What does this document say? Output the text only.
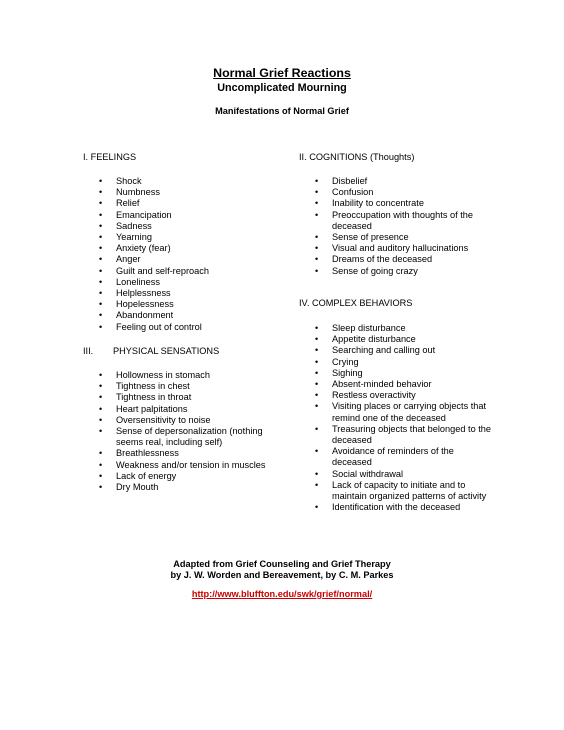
Normal Grief Reactions
Uncomplicated Mourning
Manifestations of Normal Grief
I. FEELINGS
• Shock
• Numbness
• Relief
• Emancipation
• Sadness
• Yearning
• Anxiety (fear)
• Anger
• Guilt and self-reproach
• Loneliness
• Helplessness
• Hopelessness
• Abandonment
• Feeling out of control
III. PHYSICAL SENSATIONS
• Hollowness in stomach
• Tightness in chest
• Tightness in throat
• Heart palpitations
• Oversensitivity to noise
• Sense of depersonalization (nothing seems real, including self)
• Breathlessness
• Weakness and/or tension in muscles
• Lack of energy
• Dry Mouth
II. COGNITIONS (Thoughts)
• Disbelief
• Confusion
• Inability to concentrate
• Preoccupation with thoughts of the deceased
• Sense of presence
• Visual and auditory hallucinations
• Dreams of the deceased
• Sense of going crazy
IV. COMPLEX BEHAVIORS
• Sleep disturbance
• Appetite disturbance
• Searching and calling out
• Crying
• Sighing
• Absent-minded behavior
• Restless overactivity
• Visiting places or carrying objects that remind one of the deceased
• Treasuring objects that belonged to the deceased
• Avoidance of reminders of the deceased
• Social withdrawal
• Lack of capacity to initiate and to maintain organized patterns of activity
• Identification with the deceased
Adapted from Grief Counseling and Grief Therapy
by J. W. Worden and Bereavement, by C. M. Parkes
http://www.bluffton.edu/swk/grief/normal/
